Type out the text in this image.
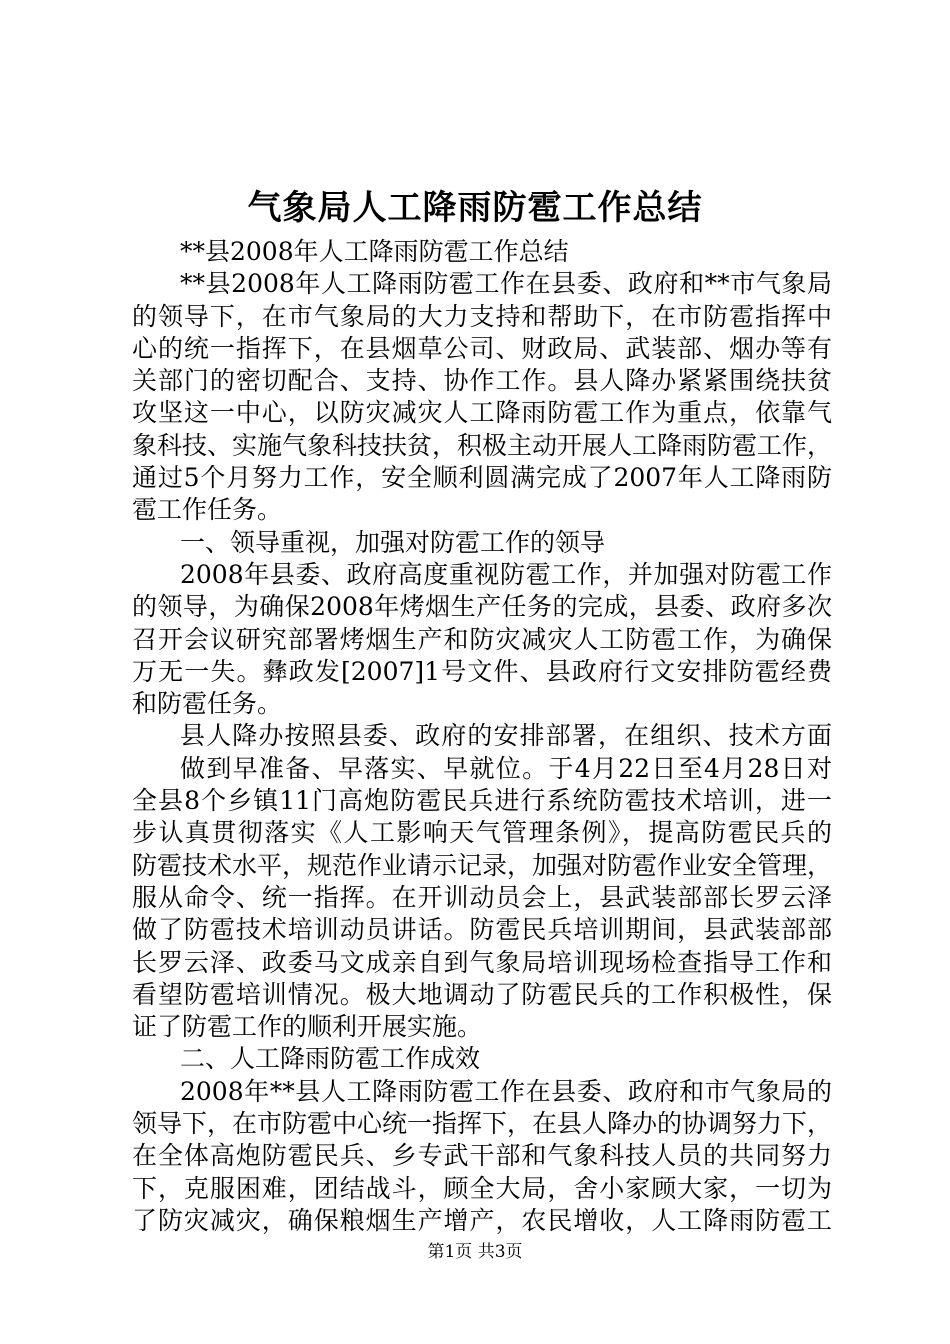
气象局人工降雨防雹工作总结
**县2008年人工降雨防雹工作总结
**县2008年人工降雨防雹工作在县委、政府和**市气象局
的领导下，在市气象局的大力支持和帮助下，在市防雹指挥中
心的统一指挥下，在县烟草公司、财政局、武装部、烟办等有
关部门的密切配合、支持、协作工作。县人降办紧紧围绕扶贫
攻坚这一中心，以防灾减灾人工降雨防雹工作为重点，依靠气
象科技、实施气象科技扶贫，积极主动开展人工降雨防雹工作，
通过5个月努力工作，安全顺利圆满完成了2007年人工降雨防
雹工作任务。
一、领导重视，加强对防雹工作的领导
2008年县委、政府高度重视防雹工作，并加强对防雹工作
的领导，为确保2008年烤烟生产任务的完成，县委、政府多次
召开会议研究部署烤烟生产和防灾减灾人工防雹工作，为确保
万无一失。彝政发[2007]1号文件、县政府行文安排防雹经费
和防雹任务。
县人降办按照县委、政府的安排部署，在组织、技术方面
做到早准备、早落实、早就位。于4月22日至4月28日对
全县8个乡镇11门高炮防雹民兵进行系统防雹技术培训，进一
步认真贯彻落实《人工影响天气管理条例》，提高防雹民兵的
防雹技术水平，规范作业请示记录，加强对防雹作业安全管理，
服从命令、统一指挥。在开训动员会上，县武装部部长罗云泽
做了防雹技术培训动员讲话。防雹民兵培训期间，县武装部部
长罗云泽、政委马文成亲自到气象局培训现场检查指导工作和
看望防雹培训情况。极大地调动了防雹民兵的工作积极性，保
证了防雹工作的顺利开展实施。
二、人工降雨防雹工作成效
2008年**县人工降雨防雹工作在县委、政府和市气象局的
领导下，在市防雹中心统一指挥下，在县人降办的协调努力下，
在全体高炮防雹民兵、乡专武干部和气象科技人员的共同努力
下，克服困难，团结战斗，顾全大局，舍小家顾大家，一切为
了防灾减灾，确保粮烟生产增产，农民增收，人工降雨防雹工
第1页 共3页
